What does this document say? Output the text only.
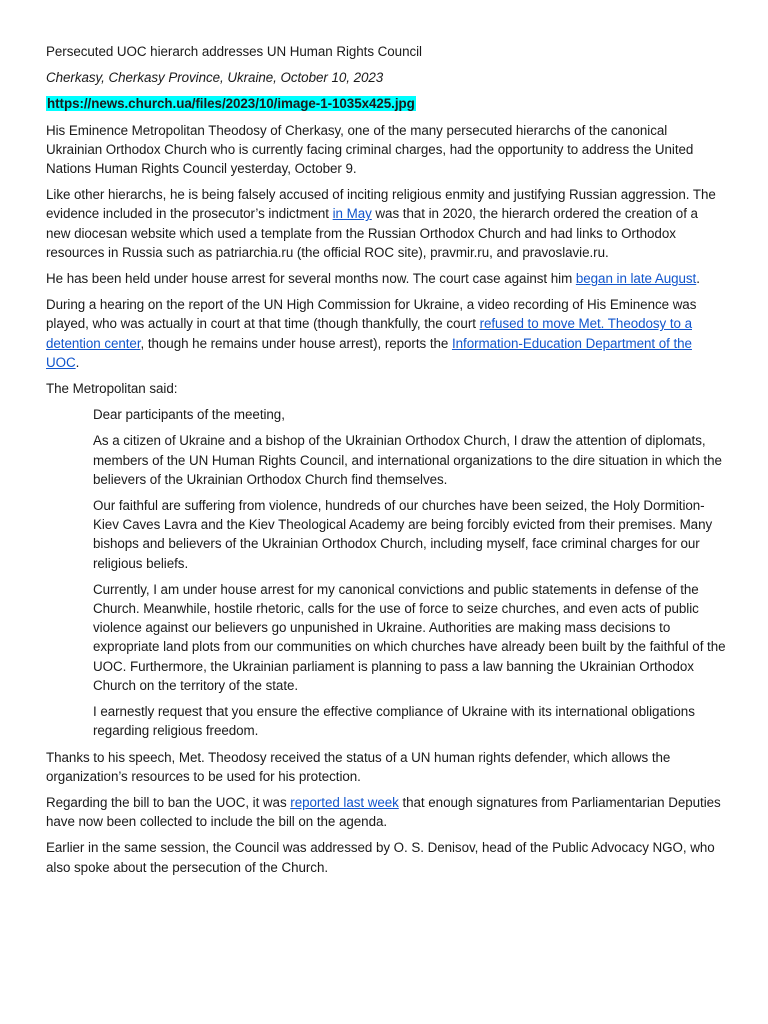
Persecuted UOC hierarch addresses UN Human Rights Council

Cherkasy, Cherkasy Province, Ukraine, October 10, 2023

https://news.church.ua/files/2023/10/image-1-1035x425.jpg

His Eminence Metropolitan Theodosy of Cherkasy, one of the many persecuted hierarchs of the canonical Ukrainian Orthodox Church who is currently facing criminal charges, had the opportunity to address the United Nations Human Rights Council yesterday, October 9.

Like other hierarchs, he is being falsely accused of inciting religious enmity and justifying Russian aggression. The evidence included in the prosecutor’s indictment in May was that in 2020, the hierarch ordered the creation of a new diocesan website which used a template from the Russian Orthodox Church and had links to Orthodox resources in Russia such as patriarchia.ru (the official ROC site), pravmir.ru, and pravoslavie.ru.

He has been held under house arrest for several months now. The court case against him began in late August.

During a hearing on the report of the UN High Commission for Ukraine, a video recording of His Eminence was played, who was actually in court at that time (though thankfully, the court refused to move Met. Theodosy to a detention center, though he remains under house arrest), reports the Information-Education Department of the UOC.

The Metropolitan said:

Dear participants of the meeting,

As a citizen of Ukraine and a bishop of the Ukrainian Orthodox Church, I draw the attention of diplomats, members of the UN Human Rights Council, and international organizations to the dire situation in which the believers of the Ukrainian Orthodox Church find themselves.

Our faithful are suffering from violence, hundreds of our churches have been seized, the Holy Dormition-Kiev Caves Lavra and the Kiev Theological Academy are being forcibly evicted from their premises. Many bishops and believers of the Ukrainian Orthodox Church, including myself, face criminal charges for our religious beliefs.

Currently, I am under house arrest for my canonical convictions and public statements in defense of the Church. Meanwhile, hostile rhetoric, calls for the use of force to seize churches, and even acts of public violence against our believers go unpunished in Ukraine. Authorities are making mass decisions to expropriate land plots from our communities on which churches have already been built by the faithful of the UOC. Furthermore, the Ukrainian parliament is planning to pass a law banning the Ukrainian Orthodox Church on the territory of the state.

I earnestly request that you ensure the effective compliance of Ukraine with its international obligations regarding religious freedom.

Thanks to his speech, Met. Theodosy received the status of a UN human rights defender, which allows the organization’s resources to be used for his protection.

Regarding the bill to ban the UOC, it was reported last week that enough signatures from Parliamentarian Deputies have now been collected to include the bill on the agenda.

Earlier in the same session, the Council was addressed by O. S. Denisov, head of the Public Advocacy NGO, who also spoke about the persecution of the Church.
